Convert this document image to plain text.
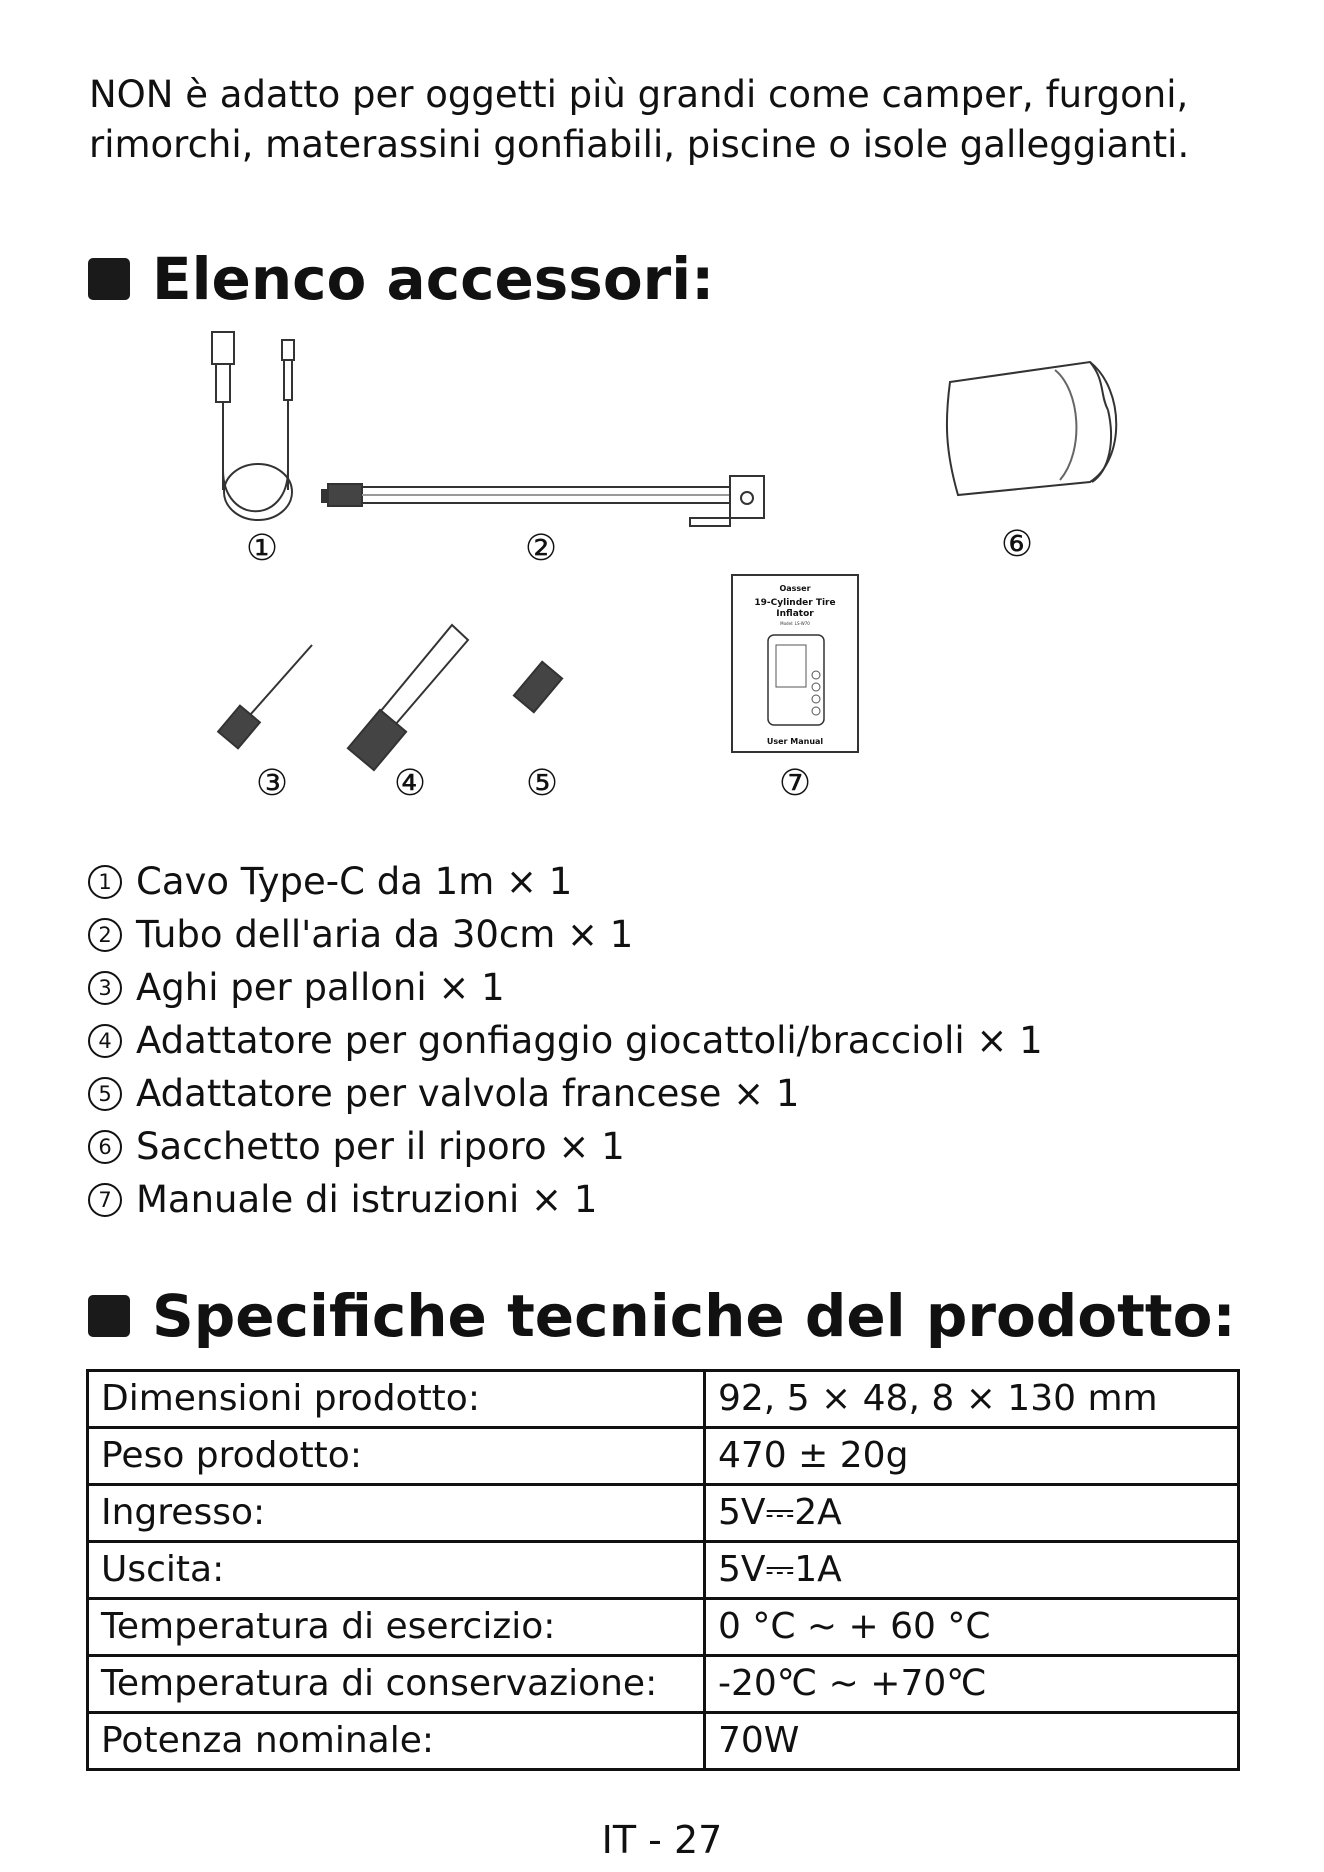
NON è adatto per oggetti più grandi come camper, furgoni, rimorchi, materassini gonfiabili, piscine o isole galleggianti.
Elenco accessori:
Oasser
19-Cylinder Tire
Inflator
Model: LS-W70
User Manual
①	②
③	④	⑤
⑥
⑦
1 Cavo Type-C da 1m × 1
2 Tubo dell'aria da 30cm × 1
3 Aghi per palloni × 1
4 Adattatore per gonfiaggio giocattoli/braccioli × 1
5 Adattatore per valvola francese × 1
6 Sacchetto per il riporo × 1
7 Manuale di istruzioni × 1
Specifiche tecniche del prodotto:
Dimensioni prodotto:	92, 5 × 48, 8 × 130 mm
Peso prodotto:	470 ± 20g
Ingresso:	5V⎓2A
Uscita:	5V⎓1A
Temperatura di esercizio:	0 °C ~ + 60 °C
Temperatura di conservazione:	-20℃ ~ +70℃
Potenza nominale:	70W
IT - 27
